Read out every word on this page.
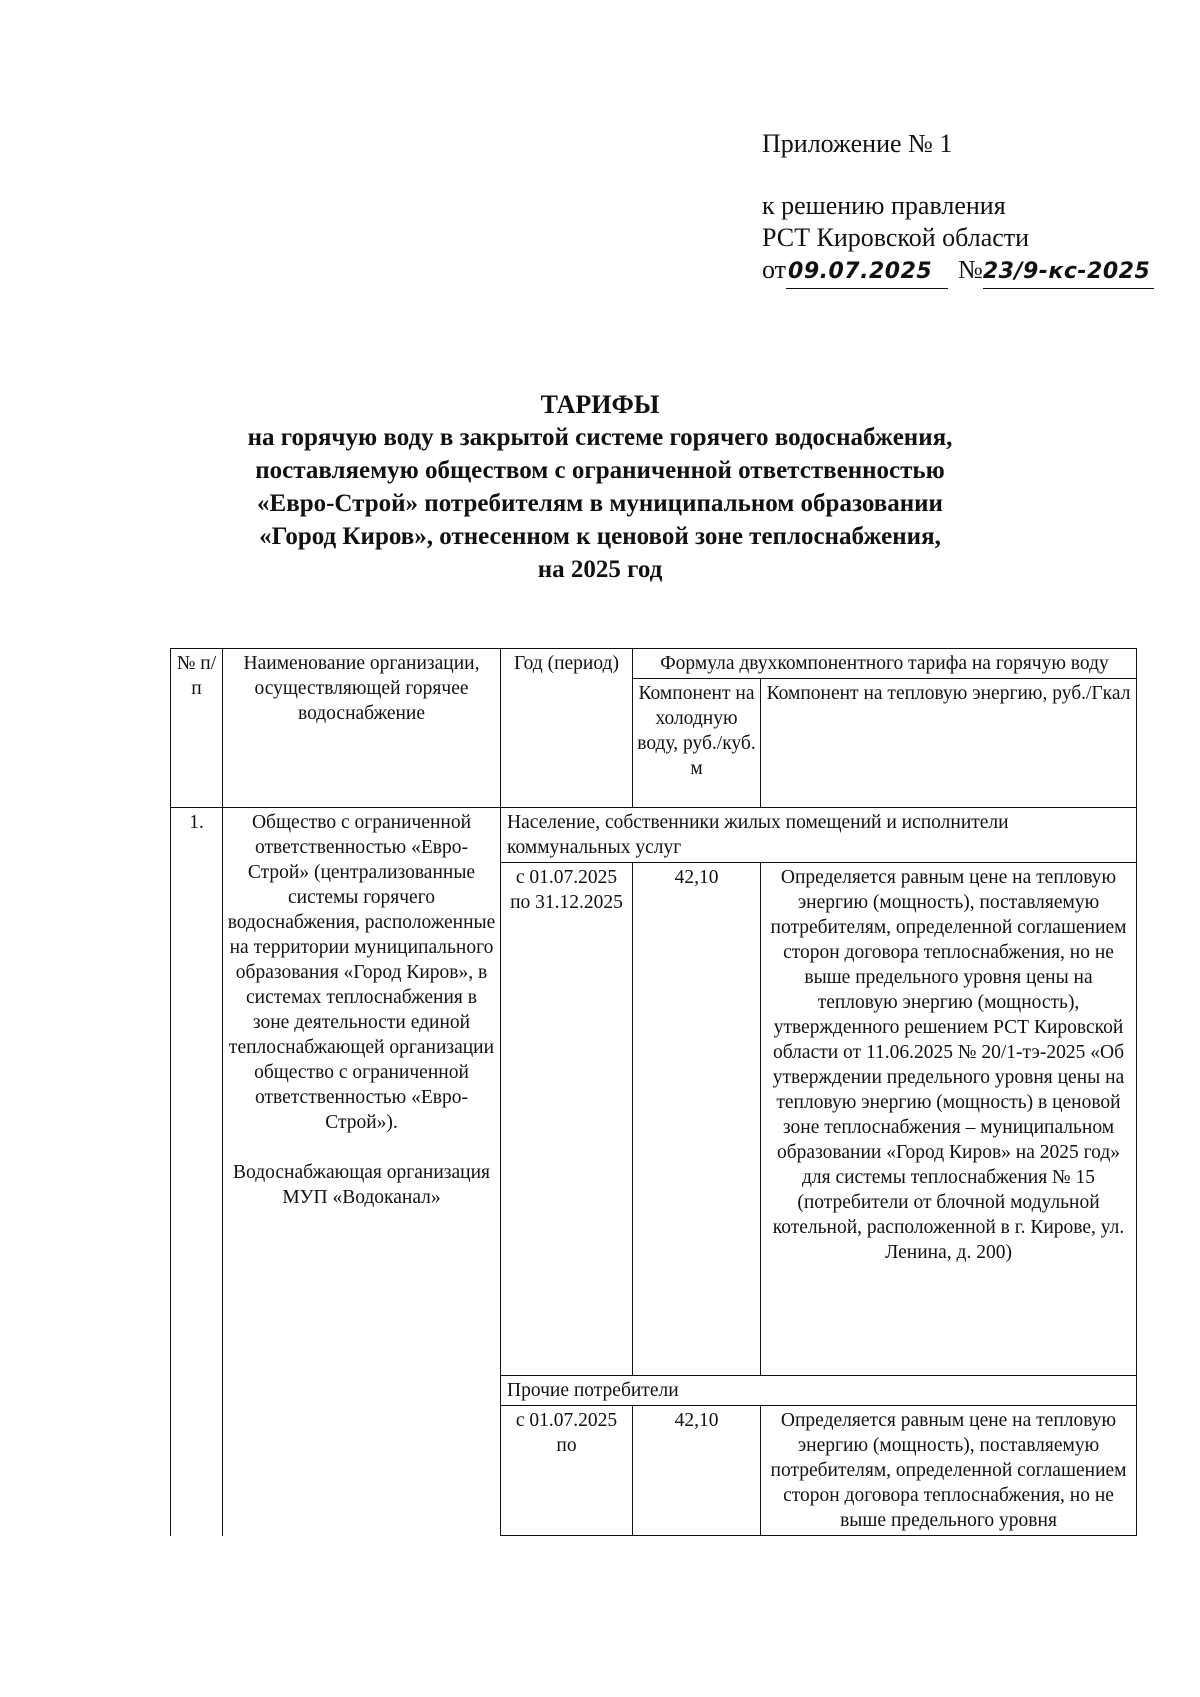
Приложение № 1
к решению правления
РСТ Кировской области
от09.07.2025 №23/9-кс-2025
ТАРИФЫ
на горячую воду в закрытой системе горячего водоснабжения,
поставляемую обществом с ограниченной ответственностью
«Евро-Строй» потребителям в муниципальном образовании
«Город Киров», отнесенном к ценовой зоне теплоснабжения,
на 2025 год
№ п/п	Наименование организации, осуществляющей горячее водоснабжение	Год (период)	Формула двухкомпонентного тарифа на горячую воду	
			Компонент на холодную воду, руб./куб. м	Компонент на тепловую энергию, руб./Гкал
1.	Общество с ограниченной ответственностью «Евро-Строй» (централизованные системы горячего водоснабжения, расположенные на территории муниципального образования «Город Киров», в системах теплоснабжения в зоне деятельности единой теплоснабжающей организации общество с ограниченной ответственностью «Евро-Строй»).
Водоснабжающая организация МУП «Водоканал»	Население, собственники жилых помещений и исполнители коммунальных услуг		
		с 01.07.2025 по 31.12.2025	42,10	Определяется равным цене на тепловую энергию (мощность), поставляемую потребителям, определенной соглашением сторон договора теплоснабжения, но не выше предельного уровня цены на тепловую энергию (мощность), утвержденного решением РСТ Кировской области от 11.06.2025 № 20/1-тэ-2025 «Об утверждении предельного уровня цены на тепловую энергию (мощность) в ценовой зоне теплоснабжения – муниципальном образовании «Город Киров» на 2025 год» для системы теплоснабжения № 15 (потребители от блочной модульной котельной, расположенной в г. Кирове, ул. Ленина, д. 200)
		Прочие потребители		
		с 01.07.2025 по	42,10	Определяется равным цене на тепловую энергию (мощность), поставляемую потребителям, определенной соглашением сторон договора теплоснабжения, но не выше предельного уровня
